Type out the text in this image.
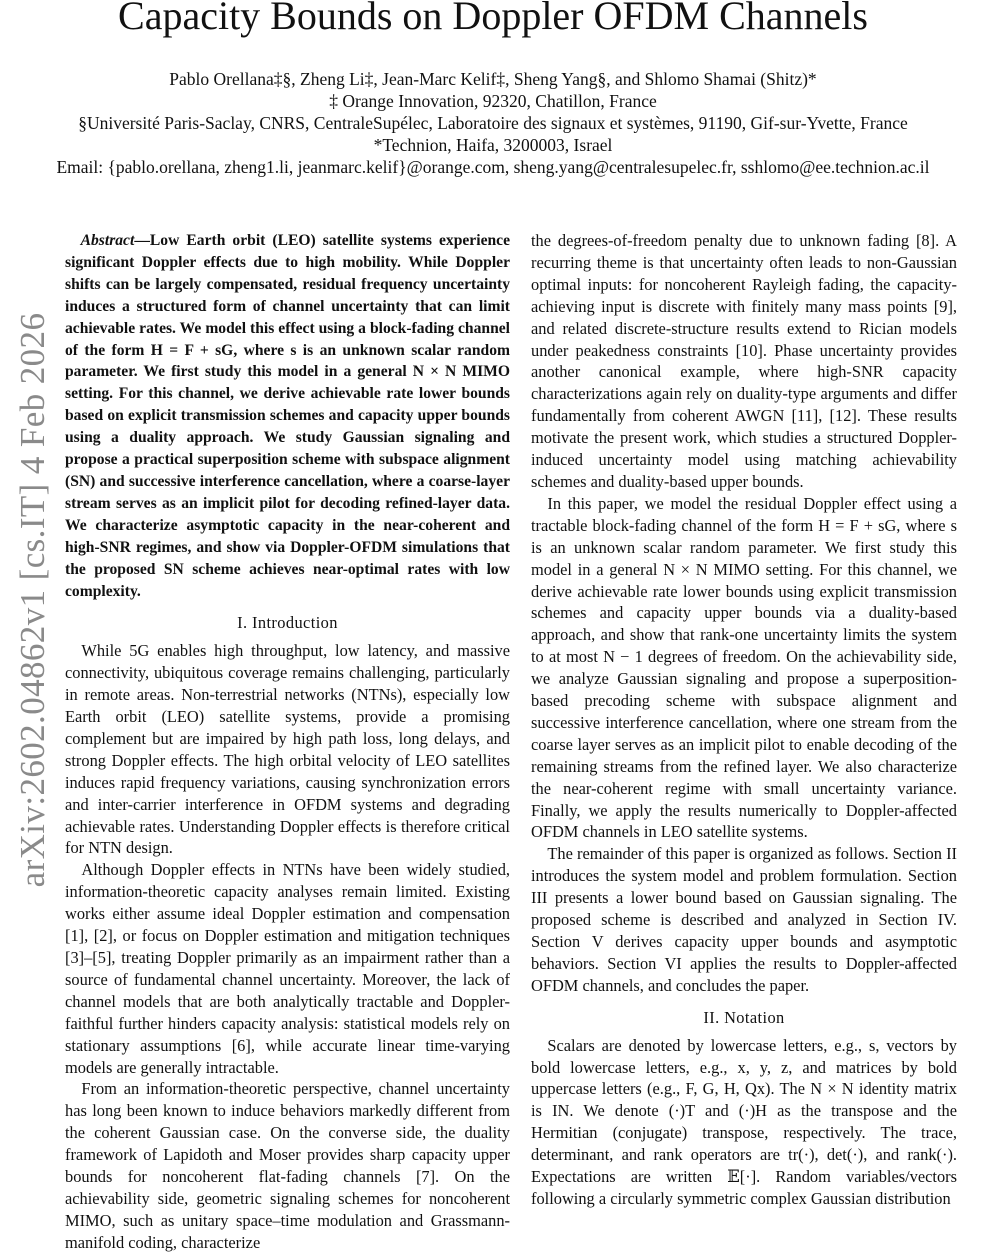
Capacity Bounds on Doppler OFDM Channels
Pablo Orellana‡§, Zheng Li‡, Jean-Marc Kelif‡, Sheng Yang§, and Shlomo Shamai (Shitz)*
‡ Orange Innovation, 92320, Chatillon, France
§Université Paris-Saclay, CNRS, CentraleSupélec, Laboratoire des signaux et systèmes, 91190, Gif-sur-Yvette, France
*Technion, Haifa, 3200003, Israel
Email: {pablo.orellana, zheng1.li, jeanmarc.kelif}@orange.com, sheng.yang@centralesupelec.fr, sshlomo@ee.technion.ac.il
arXiv:2602.04862v1 [cs.IT] 4 Feb 2026

Abstract—Low Earth orbit (LEO) satellite systems experience significant Doppler effects due to high mobility. While Doppler shifts can be largely compensated, residual frequency uncertainty induces a structured form of channel uncertainty that can limit achievable rates. We model this effect using a block-fading channel of the form H = F + sG, where s is an unknown scalar random parameter. We first study this model in a general N × N MIMO setting. For this channel, we derive achievable rate lower bounds based on explicit transmission schemes and capacity upper bounds using a duality approach. We study Gaussian signaling and propose a practical superposition scheme with subspace alignment (SN) and successive interference cancellation, where a coarse-layer stream serves as an implicit pilot for decoding refined-layer data. We characterize asymptotic capacity in the near-coherent and high-SNR regimes, and show via Doppler-OFDM simulations that the proposed SN scheme achieves near-optimal rates with low complexity.

I. Introduction

While 5G enables high throughput, low latency, and massive connectivity, ubiquitous coverage remains challenging, particularly in remote areas. Non-terrestrial networks (NTNs), especially low Earth orbit (LEO) satellite systems, provide a promising complement but are impaired by high path loss, long delays, and strong Doppler effects. The high orbital velocity of LEO satellites induces rapid frequency variations, causing synchronization errors and inter-carrier interference in OFDM systems and degrading achievable rates. Understanding Doppler effects is therefore critical for NTN design.

Although Doppler effects in NTNs have been widely studied, information-theoretic capacity analyses remain limited. Existing works either assume ideal Doppler estimation and compensation [1], [2], or focus on Doppler estimation and mitigation techniques [3]–[5], treating Doppler primarily as an impairment rather than a source of fundamental channel uncertainty. Moreover, the lack of channel models that are both analytically tractable and Doppler-faithful further hinders capacity analysis: statistical models rely on stationary assumptions [6], while accurate linear time-varying models are generally intractable.

From an information-theoretic perspective, channel uncertainty has long been known to induce behaviors markedly different from the coherent Gaussian case. On the converse side, the duality framework of Lapidoth and Moser provides sharp capacity upper bounds for noncoherent flat-fading channels [7]. On the achievability side, geometric signaling schemes for noncoherent MIMO, such as unitary space–time modulation and Grassmann-manifold coding, characterize

the degrees-of-freedom penalty due to unknown fading [8]. A recurring theme is that uncertainty often leads to non-Gaussian optimal inputs: for noncoherent Rayleigh fading, the capacity-achieving input is discrete with finitely many mass points [9], and related discrete-structure results extend to Rician models under peakedness constraints [10]. Phase uncertainty provides another canonical example, where high-SNR capacity characterizations again rely on duality-type arguments and differ fundamentally from coherent AWGN [11], [12]. These results motivate the present work, which studies a structured Doppler-induced uncertainty model using matching achievability schemes and duality-based upper bounds.

In this paper, we model the residual Doppler effect using a tractable block-fading channel of the form H = F + sG, where s is an unknown scalar random parameter. We first study this model in a general N × N MIMO setting. For this channel, we derive achievable rate lower bounds using explicit transmission schemes and capacity upper bounds via a duality-based approach, and show that rank-one uncertainty limits the system to at most N − 1 degrees of freedom. On the achievability side, we analyze Gaussian signaling and propose a superposition-based precoding scheme with subspace alignment and successive interference cancellation, where one stream from the coarse layer serves as an implicit pilot to enable decoding of the remaining streams from the refined layer. We also characterize the near-coherent regime with small uncertainty variance. Finally, we apply the results numerically to Doppler-affected OFDM channels in LEO satellite systems.

The remainder of this paper is organized as follows. Section II introduces the system model and problem formulation. Section III presents a lower bound based on Gaussian signaling. The proposed scheme is described and analyzed in Section IV. Section V derives capacity upper bounds and asymptotic behaviors. Section VI applies the results to Doppler-affected OFDM channels, and concludes the paper.

II. Notation

Scalars are denoted by lowercase letters, e.g., s, vectors by bold lowercase letters, e.g., x, y, z, and matrices by bold uppercase letters (e.g., F, G, H, Qx). The N × N identity matrix is IN. We denote (·)T and (·)H as the transpose and the Hermitian (conjugate) transpose, respectively. The trace, determinant, and rank operators are tr(·), det(·), and rank(·). Expectations are written 𝔼[·]. Random variables/vectors following a circularly symmetric complex Gaussian distribution
